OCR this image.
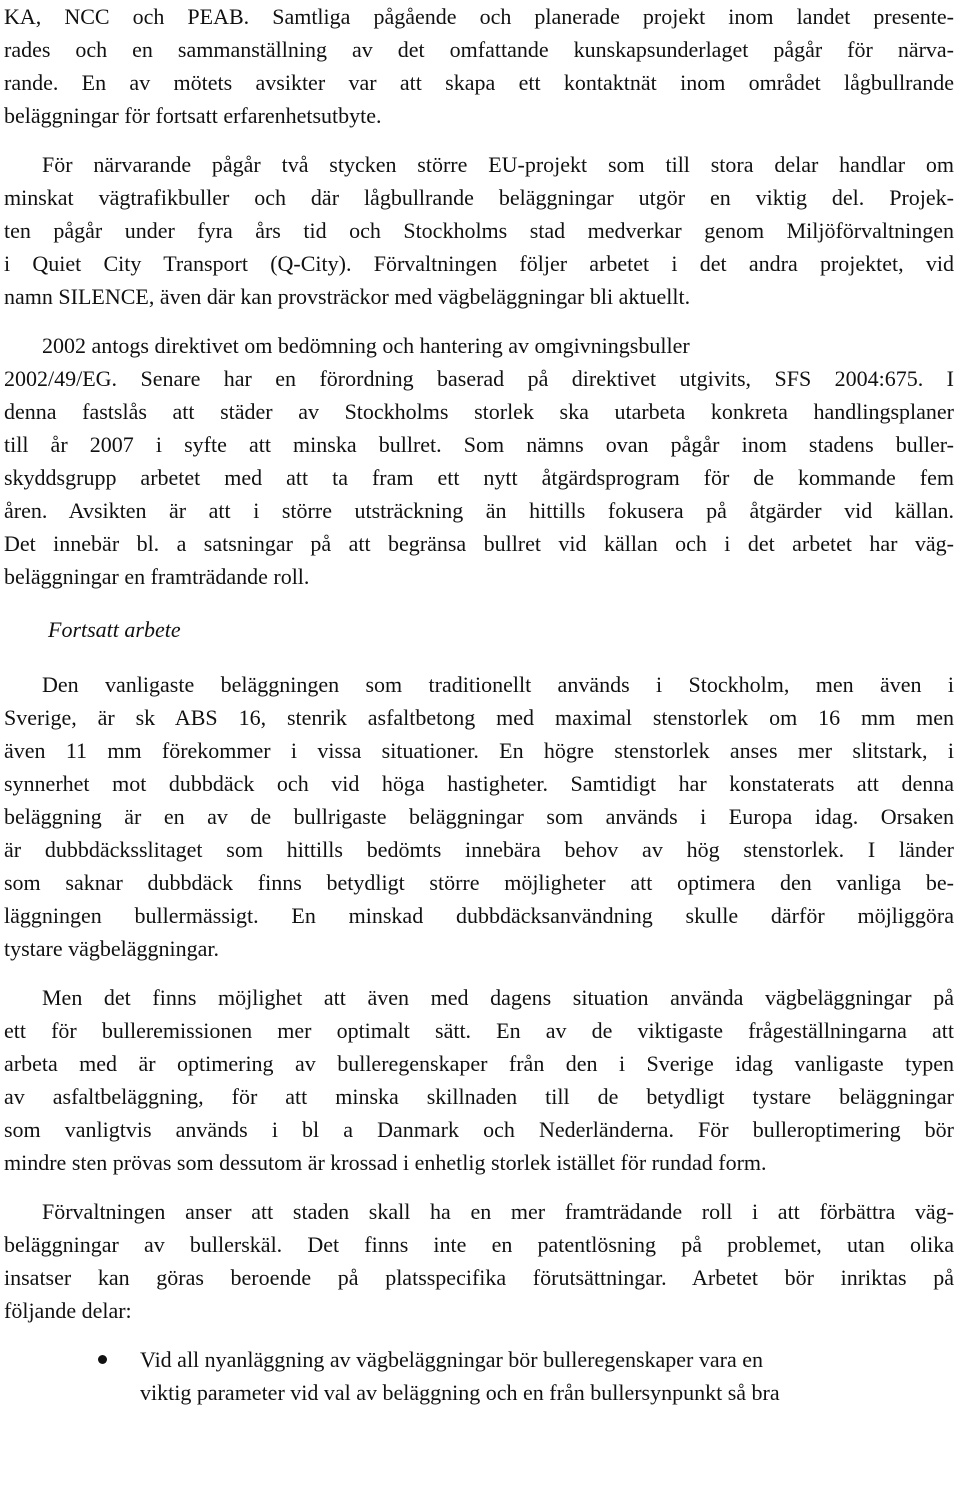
KA, NCC och PEAB. Samtliga pågående och planerade projekt inom landet presente-
rades och en sammanställning av det omfattande kunskapsunderlaget pågår för närva-
rande. En av mötets avsikter var att skapa ett kontaktnät inom området lågbullrande
beläggningar för fortsatt erfarenhetsutbyte.
För närvarande pågår två stycken större EU-projekt som till stora delar handlar om
minskat vägtrafikbuller och där lågbullrande beläggningar utgör en viktig del. Projek-
ten pågår under fyra års tid och Stockholms stad medverkar genom Miljöförvaltningen
i Quiet City Transport (Q-City). Förvaltningen följer arbetet i det andra projektet, vid
namn SILENCE, även där kan provsträckor med vägbeläggningar bli aktuellt.
2002 antogs direktivet om bedömning och hantering av omgivningsbuller
2002/49/EG. Senare har en förordning baserad på direktivet utgivits, SFS 2004:675. I
denna fastslås att städer av Stockholms storlek ska utarbeta konkreta handlingsplaner
till år 2007 i syfte att minska bullret. Som nämns ovan pågår inom stadens buller-
skyddsgrupp arbetet med att ta fram ett nytt åtgärdsprogram för de kommande fem
åren. Avsikten är att i större utsträckning än hittills fokusera på åtgärder vid källan.
Det innebär bl. a satsningar på att begränsa bullret vid källan och i det arbetet har väg-
beläggningar en framträdande roll.
Fortsatt arbete
Den vanligaste beläggningen som traditionellt används i Stockholm, men även i
Sverige, är sk ABS 16, stenrik asfaltbetong med maximal stenstorlek om 16 mm men
även 11 mm förekommer i vissa situationer. En högre stenstorlek anses mer slitstark, i
synnerhet mot dubbdäck och vid höga hastigheter. Samtidigt har konstaterats att denna
beläggning är en av de bullrigaste beläggningar som används i Europa idag. Orsaken
är dubbdäcksslitaget som hittills bedömts innebära behov av hög stenstorlek. I länder
som saknar dubbdäck finns betydligt större möjligheter att optimera den vanliga be-
läggningen bullermässigt. En minskad dubbdäcksanvändning skulle därför möjliggöra
tystare vägbeläggningar.
Men det finns möjlighet att även med dagens situation använda vägbeläggningar på
ett för bulleremissionen mer optimalt sätt. En av de viktigaste frågeställningarna att
arbeta med är optimering av bulleregenskaper från den i Sverige idag vanligaste typen
av asfaltbeläggning, för att minska skillnaden till de betydligt tystare beläggningar
som vanligtvis används i bl a Danmark och Nederländerna. För bulleroptimering bör
mindre sten prövas som dessutom är krossad i enhetlig storlek istället för rundad form.
Förvaltningen anser att staden skall ha en mer framträdande roll i att förbättra väg-
beläggningar av bullerskäl. Det finns inte en patentlösning på problemet, utan olika
insatser kan göras beroende på platsspecifika förutsättningar. Arbetet bör inriktas på
följande delar:
Vid all nyanläggning av vägbeläggningar bör bulleregenskaper vara en
viktig parameter vid val av beläggning och en från bullersynpunkt så bra
